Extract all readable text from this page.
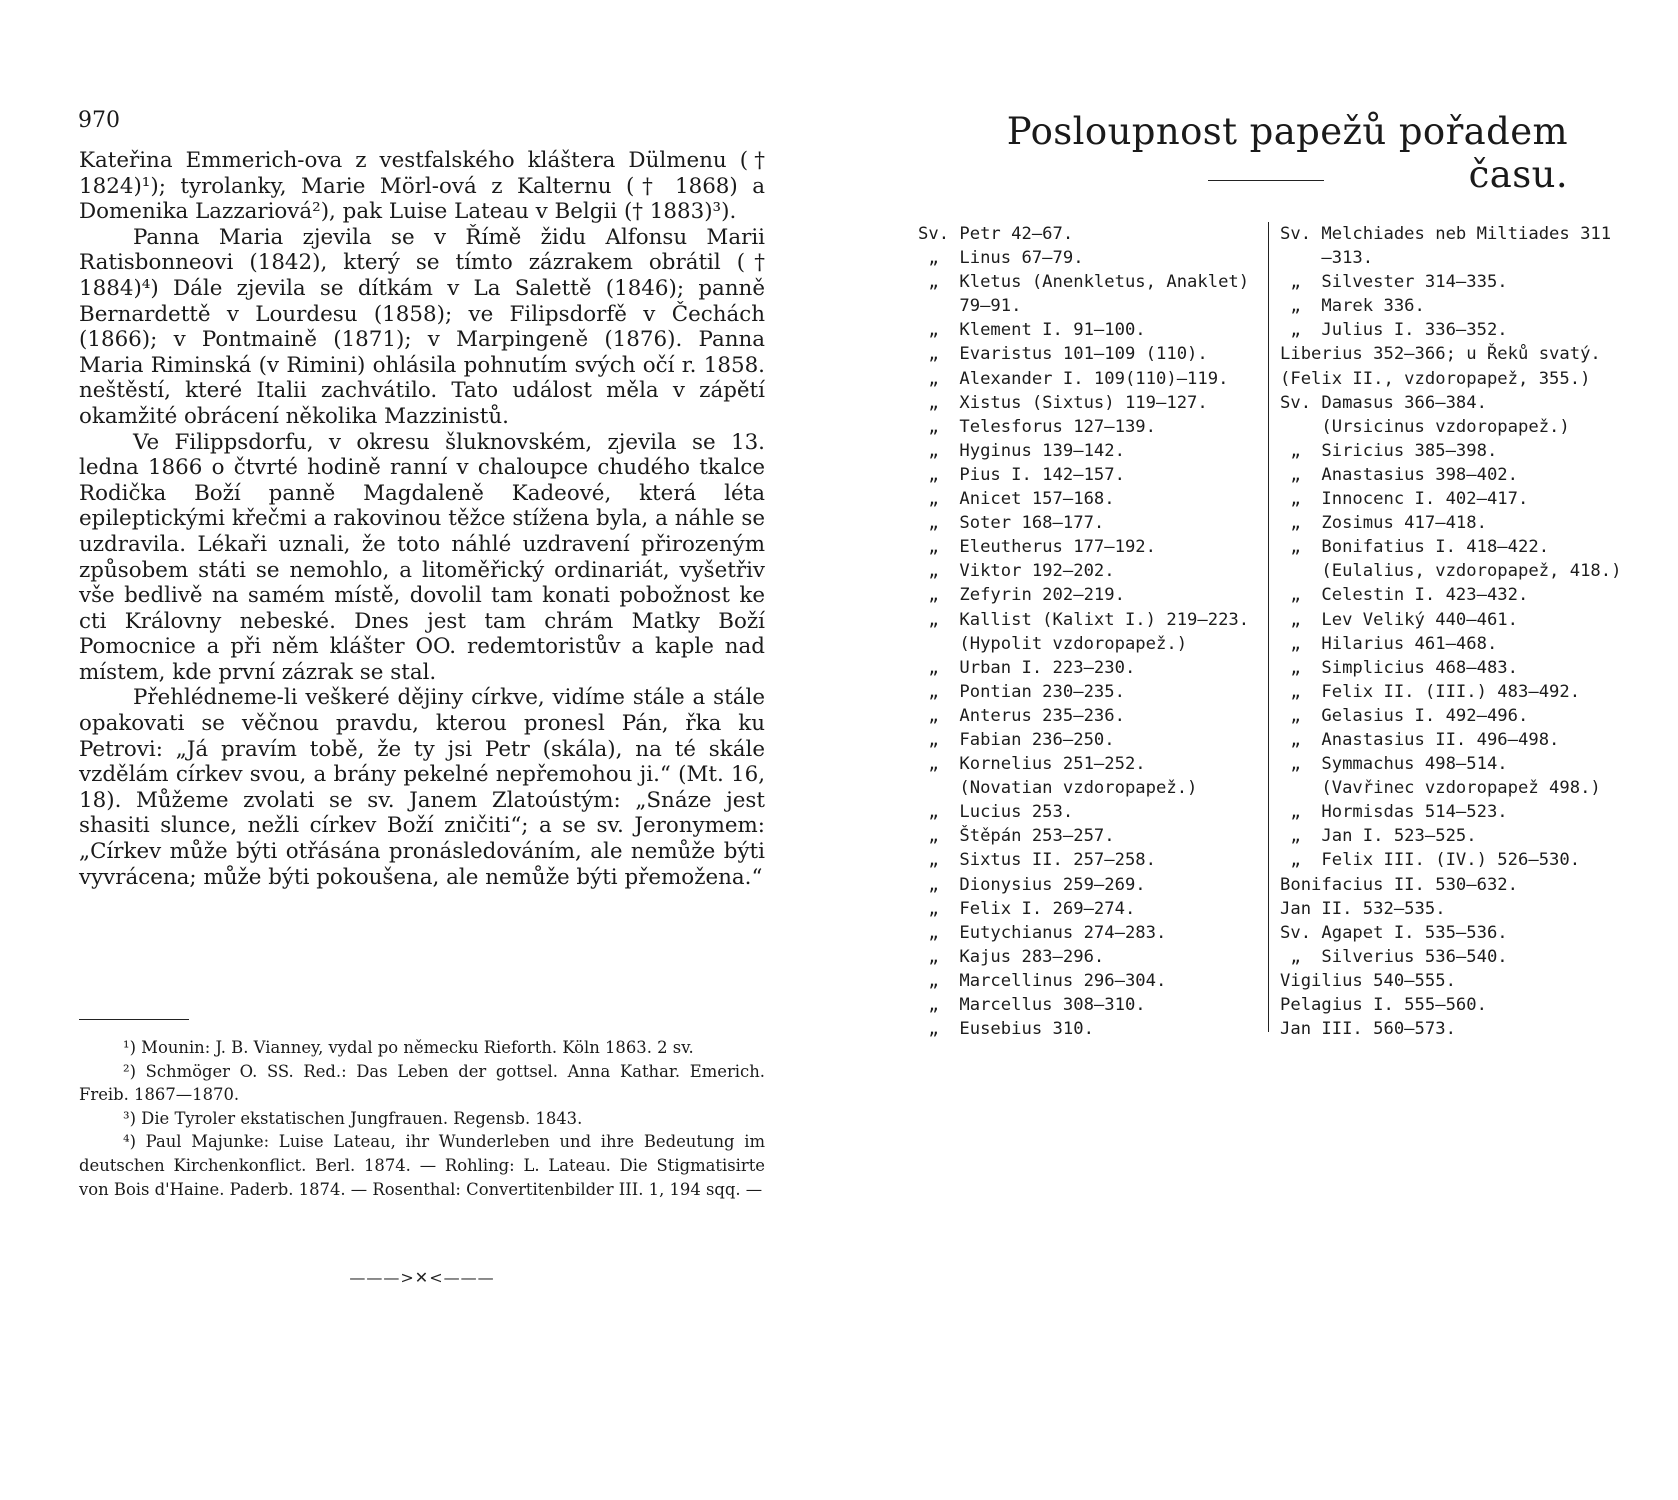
970

Kateřina Emmerich-ova z vestfalského kláštera Dülmenu († 1824)¹); tyrolanky, Marie Mörl-ová z Kalternu († 1868) a Domenika Lazzariová²), pak Luise Lateau v Belgii († 1883)³).

Panna Maria zjevila se v Římě židu Alfonsu Marii Ratisbonneovi (1842), který se tímto zázrakem obrátil († 1884)⁴) Dále zjevila se dítkám v La Salettě (1846); panně Bernardettě v Lourdesu (1858); ve Filipsdorfě v Čechách (1866); v Pontmaině (1871); v Marpingeně (1876). Panna Maria Riminská (v Rimini) ohlásila pohnutím svých očí r. 1858. neštěstí, které Italii zachvátilo. Tato událost měla v zápětí okamžité obrácení několika Mazzinistů.

Ve Filippsdorfu, v okresu šluknovském, zjevila se 13. ledna 1866 o čtvrté hodině ranní v chaloupce chudého tkalce Rodička Boží panně Magdaleně Kadeové, která léta epileptickými křečmi a rakovinou těžce stížena byla, a náhle se uzdravila. Lékaři uznali, že toto náhlé uzdravení přirozeným způsobem státi se nemohlo, a litoměřický ordinariát, vyšetřiv vše bedlivě na samém místě, dovolil tam konati pobožnost ke cti Královny nebeské. Dnes jest tam chrám Matky Boží Pomocnice a při něm klášter OO. redemtoristův a kaple nad místem, kde první zázrak se stal.

Přehlédneme-li veškeré dějiny církve, vidíme stále a stále opakovati se věčnou pravdu, kterou pronesl Pán, řka ku Petrovi: „Já pravím tobě, že ty jsi Petr (skála), na té skále vzdělám církev svou, a brány pekelné nepřemohou ji.“ (Mt. 16, 18). Můžeme zvolati se sv. Janem Zlatoústým: „Snáze jest shasiti slunce, nežli církev Boží zničiti“; a se sv. Jeronymem: „Církev může býti otřásána pronásledováním, ale nemůže býti vyvrácena; může býti pokoušena, ale nemůže býti přemožena.“

¹) Mounin: J. B. Vianney, vydal po německu Rieforth. Köln 1863. 2 sv.

²) Schmöger O. SS. Red.: Das Leben der gottsel. Anna Kathar. Emerich. Freib. 1867—1870.

³) Die Tyroler ekstatischen Jungfrauen. Regensb. 1843.

⁴) Paul Majunke: Luise Lateau, ihr Wunderleben und ihre Bedeutung im deutschen Kirchenkonflict. Berl. 1874. — Rohling: L. Lateau. Die Stigmatisirte von Bois d'Haine. Paderb. 1874. — Rosenthal: Convertitenbilder III. 1, 194 sqq. —

———>✕<———
Posloupnost papežů pořadem času.
Sv. Petr 42—67.
„  Linus 67—79.
„  Kletus (Anenkletus, Anaklet)
79—91.
„  Klement I. 91—100.
„  Evaristus 101—109 (110).
„  Alexander I. 109(110)—119.
„  Xistus (Sixtus) 119—127.
„  Telesforus 127—139.
„  Hyginus 139—142.
„  Pius I. 142—157.
„  Anicet 157—168.
„  Soter 168—177.
„  Eleutherus 177—192.
„  Viktor 192—202.
„  Zefyrin 202—219.
„  Kallist (Kalixt I.) 219—223.
(Hypolit vzdoropapež.)
„  Urban I. 223—230.
„  Pontian 230—235.
„  Anterus 235—236.
„  Fabian 236—250.
„  Kornelius 251—252.
(Novatian vzdoropapež.)
„  Lucius 253.
„  Štěpán 253—257.
„  Sixtus II. 257—258.
„  Dionysius 259—269.
„  Felix I. 269—274.
„  Eutychianus 274—283.
„  Kajus 283—296.
„  Marcellinus 296—304.
„  Marcellus 308—310.
„  Eusebius 310.
Sv. Melchiades neb Miltiades 311
—313.
„  Silvester 314—335.
„  Marek 336.
„  Julius I. 336—352.
Liberius 352—366; u Řeků svatý.
(Felix II., vzdoropapež, 355.)
Sv. Damasus 366—384.
(Ursicinus vzdoropapež.)
„  Siricius 385—398.
„  Anastasius 398—402.
„  Innocenc I. 402—417.
„  Zosimus 417—418.
„  Bonifatius I. 418—422.
(Eulalius, vzdoropapež, 418.)
„  Celestin I. 423—432.
„  Lev Veliký 440—461.
„  Hilarius 461—468.
„  Simplicius 468—483.
„  Felix II. (III.) 483—492.
„  Gelasius I. 492—496.
„  Anastasius II. 496—498.
„  Symmachus 498—514.
(Vavřinec vzdoropapež 498.)
„  Hormisdas 514—523.
„  Jan I. 523—525.
„  Felix III. (IV.) 526—530.
Bonifacius II. 530—632.
Jan II. 532—535.
Sv. Agapet I. 535—536.
„  Silverius 536—540.
Vigilius 540—555.
Pelagius I. 555—560.
Jan III. 560—573.
